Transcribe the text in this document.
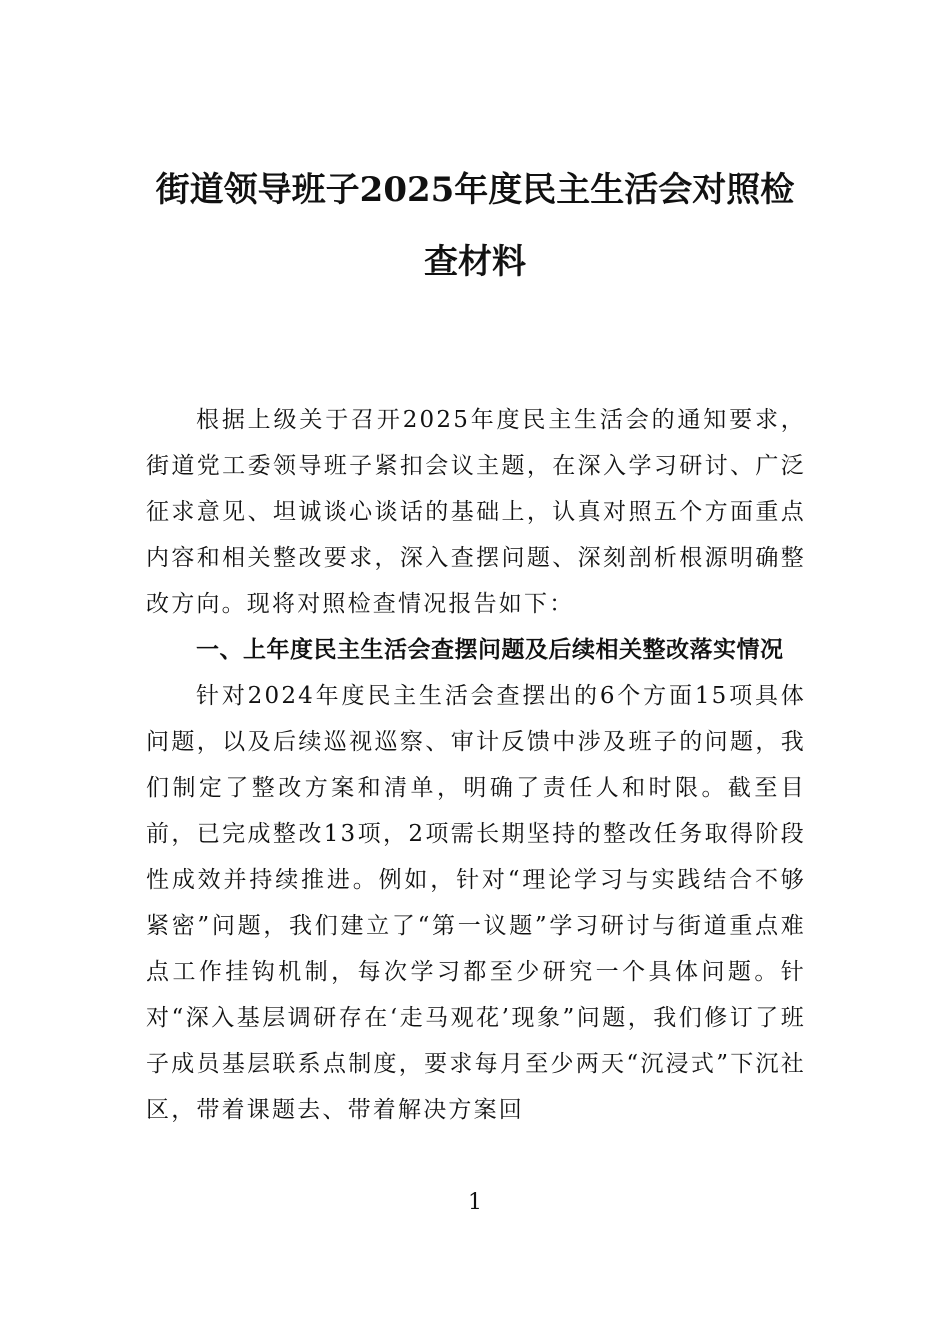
街道领导班子2025年度民主生活会对照检
查材料

根据上级关于召开2025年度民主生活会的通知要求，街道党工委领导班子紧扣会议主题，在深入学习研讨、广泛征求意见、坦诚谈心谈话的基础上，认真对照五个方面重点内容和相关整改要求，深入查摆问题、深刻剖析根源明确整改方向。现将对照检查情况报告如下：

一、上年度民主生活会查摆问题及后续相关整改落实情况

针对2024年度民主生活会查摆出的6个方面15项具体问题，以及后续巡视巡察、审计反馈中涉及班子的问题，我们制定了整改方案和清单，明确了责任人和时限。截至目前，已完成整改13项，2项需长期坚持的整改任务取得阶段性成效并持续推进。例如，针对“理论学习与实践结合不够紧密”问题，我们建立了“第一议题”学习研讨与街道重点难点工作挂钩机制，每次学习都至少研究一个具体问题。针对“深入基层调研存在‘走马观花’现象”问题，我们修订了班子成员基层联系点制度，要求每月至少两天“沉浸式”下沉社区，带着课题去、带着解决方案回

1
